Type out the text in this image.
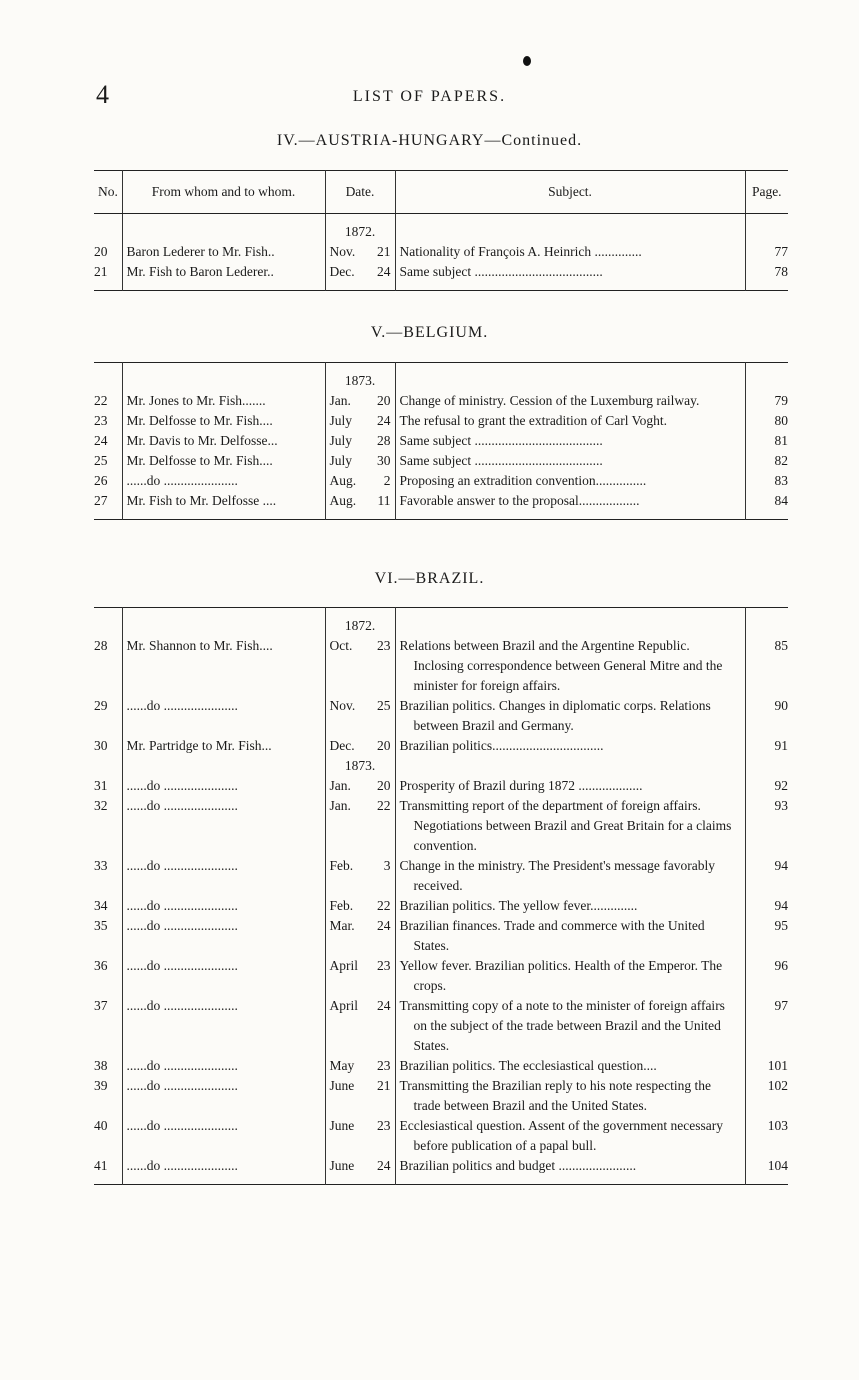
4	LIST OF PAPERS.
IV.—AUSTRIA-HUNGARY—Continued.
No.	From whom and to whom.	Date.	Subject.	Page.

		1872.		
20	Baron Lederer to Mr. Fish..	Nov. 21	Nationality of François A. Heinrich ..............	77
21	Mr. Fish to Baron Lederer..	Dec. 24	Same subject ......................................	78

V.—BELGIUM.

		1873.		
22	Mr. Jones to Mr. Fish.......	Jan. 20	Change of ministry. Cession of the Luxemburg railway.	79
23	Mr. Delfosse to Mr. Fish....	July 24	The refusal to grant the extradition of Carl Voght.	80
24	Mr. Davis to Mr. Delfosse...	July 28	Same subject ......................................	81
25	Mr. Delfosse to Mr. Fish....	July 30	Same subject ......................................	82
26	......do ......................	Aug. 2	Proposing an extradition convention...............	83
27	Mr. Fish to Mr. Delfosse ....	Aug. 11	Favorable answer to the proposal..................	84

VI.—BRAZIL.

		1872.		
28	Mr. Shannon to Mr. Fish....	Oct. 23	Relations between Brazil and the Argentine Republic. Inclosing correspondence between General Mitre and the minister for foreign affairs.	85
29	......do ......................	Nov. 25	Brazilian politics. Changes in diplomatic corps. Relations between Brazil and Germany.	90
30	Mr. Partridge to Mr. Fish...	Dec. 20	Brazilian politics.................................	91
		1873.		
31	......do ......................	Jan. 20	Prosperity of Brazil during 1872 ...................	92
32	......do ......................	Jan. 22	Transmitting report of the department of foreign affairs. Negotiations between Brazil and Great Britain for a claims convention.	93
33	......do ......................	Feb. 3	Change in the ministry. The President's message favorably received.	94
34	......do ......................	Feb. 22	Brazilian politics. The yellow fever..............	94
35	......do ......................	Mar. 24	Brazilian finances. Trade and commerce with the United States.	95
36	......do ......................	April 23	Yellow fever. Brazilian politics. Health of the Emperor. The crops.	96
37	......do ......................	April 24	Transmitting copy of a note to the minister of foreign affairs on the subject of the trade between Brazil and the United States.	97
38	......do ......................	May 23	Brazilian politics. The ecclesiastical question....	101
39	......do ......................	June 21	Transmitting the Brazilian reply to his note respecting the trade between Brazil and the United States.	102
40	......do ......................	June 23	Ecclesiastical question. Assent of the government necessary before publication of a papal bull.	103
41	......do ......................	June 24	Brazilian politics and budget .......................	104
